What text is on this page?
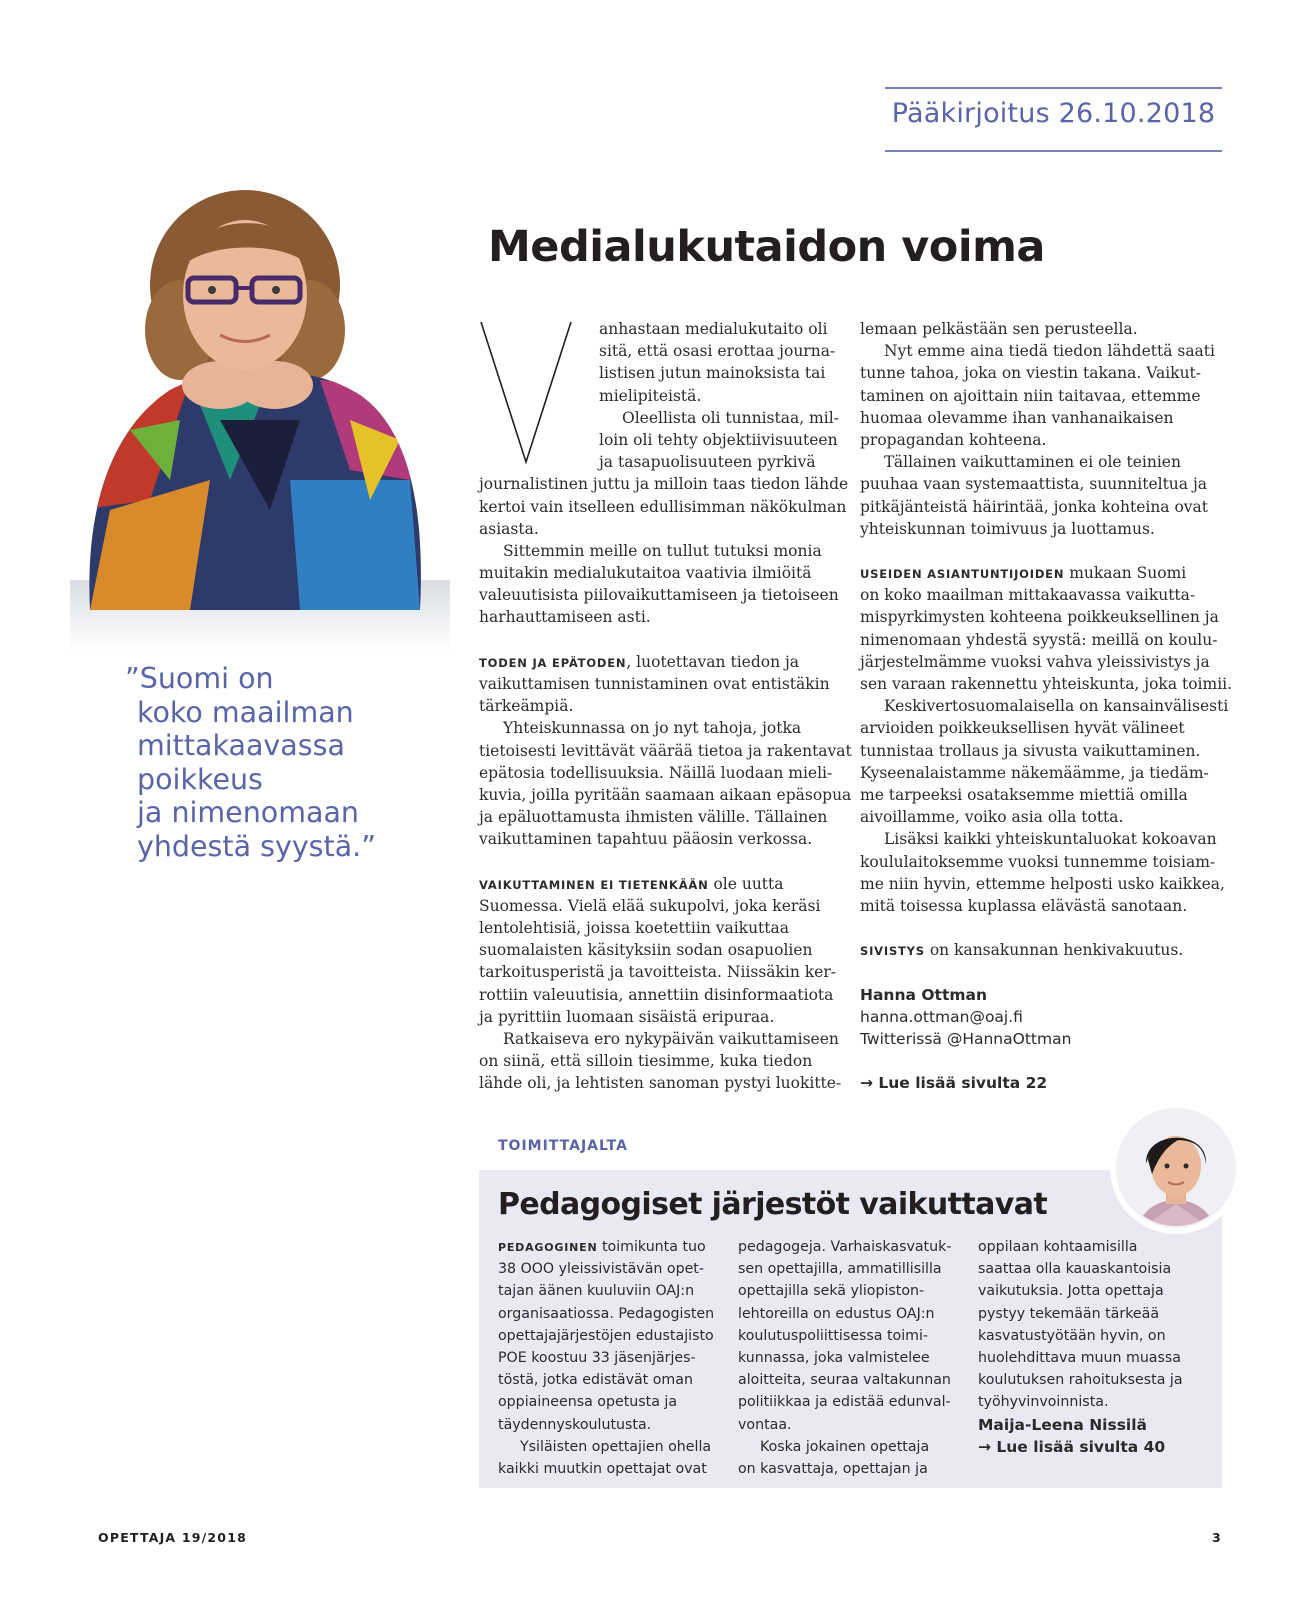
Pääkirjoitus 26.10.2018
”Suomi on
koko maailman
mittakaavassa
poikkeus
ja nimenomaan
yhdestä syystä.”
Medialukutaidon voima
V	anhastaan medialukutaito oli
sitä, että osasi erottaa journa-
listisen jutun mainoksista tai
mielipiteistä.
Oleellista oli tunnistaa, mil-
loin oli tehty objektiivisuuteen
ja tasapuolisuuteen pyrkivä
journalistinen juttu ja milloin taas tiedon lähde
kertoi vain itselleen edullisimman näkökulman
asiasta.
Sittemmin meille on tullut tutuksi monia
muitakin medialukutaitoa vaativia ilmiöitä
valeuutisista piilovaikuttamiseen ja tietoiseen
harhauttamiseen asti.
TODEN JA EPÄTODEN, luotettavan tiedon ja
vaikuttamisen tunnistaminen ovat entistäkin
tärkeämpiä.
Yhteiskunnassa on jo nyt tahoja, jotka
tietoisesti levittävät väärää tietoa ja rakentavat
epätosia todellisuuksia. Näillä luodaan mieli-
kuvia, joilla pyritään saamaan aikaan epäsopua
ja epäluottamusta ihmisten välille. Tällainen
vaikuttaminen tapahtuu pääosin verkossa.
VAIKUTTAMINEN EI TIETENKÄÄN ole uutta
Suomessa. Vielä elää sukupolvi, joka keräsi
lentolehtisiä, joissa koetettiin vaikuttaa
suomalaisten käsityksiin sodan osapuolien
tarkoitusperistä ja tavoitteista. Niissäkin ker-
rottiin valeuutisia, annettiin disinformaatiota
ja pyrittiin luomaan sisäistä eripuraa.
Ratkaiseva ero nykypäivän vaikuttamiseen
on siinä, että silloin tiesimme, kuka tiedon
lähde oli, ja lehtisten sanoman pystyi luokitte-
lemaan pelkästään sen perusteella.
Nyt emme aina tiedä tiedon lähdettä saati
tunne tahoa, joka on viestin takana. Vaikut-
taminen on ajoittain niin taitavaa, ettemme
huomaa olevamme ihan vanhanaikaisen
propagandan kohteena.
Tällainen vaikuttaminen ei ole teinien
puuhaa vaan systemaattista, suunniteltua ja
pitkäjänteistä häirintää, jonka kohteina ovat
yhteiskunnan toimivuus ja luottamus.
USEIDEN ASIANTUNTIJOIDEN mukaan Suomi
on koko maailman mittakaavassa vaikutta-
mispyrkimysten kohteena poikkeuksellinen ja
nimenomaan yhdestä syystä: meillä on koulu-
järjestelmämme vuoksi vahva yleissivistys ja
sen varaan rakennettu yhteiskunta, joka toimii.
Keskivertosuomalaisella on kansainvälisesti
arvioiden poikkeuksellisen hyvät välineet
tunnistaa trollaus ja sivusta vaikuttaminen.
Kyseenalaistamme näkemäämme, ja tiedäm-
me tarpeeksi osataksemme miettiä omilla
aivoillamme, voiko asia olla totta.
Lisäksi kaikki yhteiskuntaluokat kokoavan
koululaitoksemme vuoksi tunnemme toisiam-
me niin hyvin, ettemme helposti usko kaikkea,
mitä toisessa kuplassa elävästä sanotaan.
SIVISTYS on kansakunnan henkivakuutus.
Hanna Ottman
hanna.ottman@oaj.fi
Twitterissä @HannaOttman
→ Lue lisää sivulta 22
TOIMITTAJALTA
Pedagogiset järjestöt vaikuttavat
PEDAGOGINEN toimikunta tuo
38 OOO yleissivistävän opet-
tajan äänen kuuluviin OAJ:n
organisaatiossa. Pedagogisten
opettajajärjestöjen edustajisto
POE koostuu 33 jäsenjärjes-
töstä, jotka edistävät oman
oppiaineensa opetusta ja
täydennyskoulutusta.
Ysiläisten opettajien ohella
kaikki muutkin opettajat ovat
pedagogeja. Varhaiskasvatuk-
sen opettajilla, ammatillisilla
opettajilla sekä yliopiston-
lehtoreilla on edustus OAJ:n
koulutuspoliittisessa toimi-
kunnassa, joka valmistelee
aloitteita, seuraa valtakunnan
politiikkaa ja edistää edunval-
vontaa.
Koska jokainen opettaja
on kasvattaja, opettajan ja
oppilaan kohtaamisilla
saattaa olla kauaskantoisia
vaikutuksia. Jotta opettaja
pystyy tekemään tärkeää
kasvatustyötään hyvin, on
huolehdittava muun muassa
koulutuksen rahoituksesta ja
työhyvinvoinnista.
Maija-Leena Nissilä
→ Lue lisää sivulta 40
OPETTAJA 19/2018	3
